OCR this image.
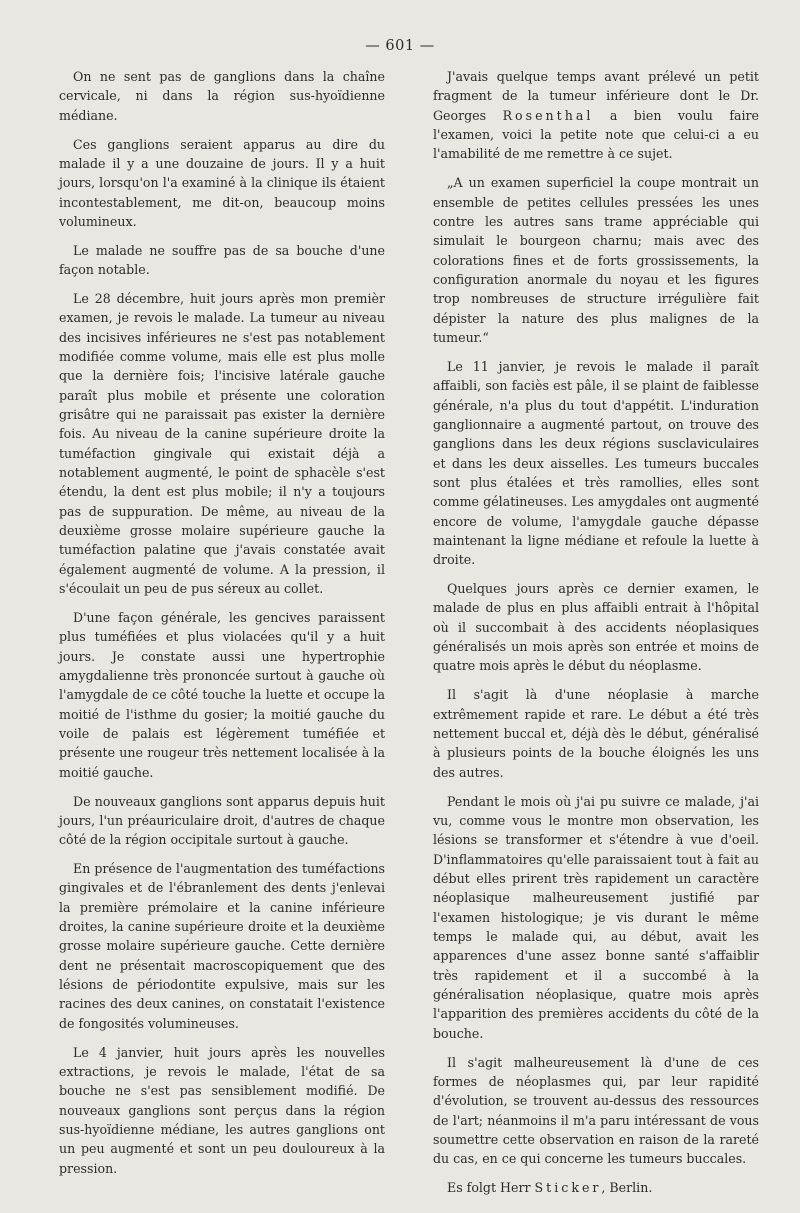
— 601 —

On ne sent pas de ganglions dans la chaîne cervicale, ni dans la région sus-hyoïdienne médiane.

Ces ganglions seraient apparus au dire du malade il y a une douzaine de jours. Il y a huit jours, lorsqu'on l'a examiné à la clinique ils étaient incontestablement, me dit-on, beaucoup moins volumineux.

Le malade ne souffre pas de sa bouche d'une façon notable.

Le 28 décembre, huit jours après mon premièr examen, je revois le malade. La tumeur au niveau des incisives inférieures ne s'est pas notablement modifiée comme volume, mais elle est plus molle que la dernière fois; l'incisive latérale gauche paraît plus mobile et présente une coloration grisâtre qui ne paraissait pas exister la dernière fois. Au niveau de la canine supérieure droite la tuméfaction gingivale qui existait déjà a notablement augmenté, le point de sphacèle s'est étendu, la dent est plus mobile; il n'y a toujours pas de suppuration. De même, au niveau de la deuxième grosse molaire supérieure gauche la tuméfaction palatine que j'avais constatée avait également augmenté de volume. A la pression, il s'écoulait un peu de pus séreux au collet.

D'une façon générale, les gencives paraissent plus tuméfiées et plus violacées qu'il y a huit jours. Je constate aussi une hypertrophie amygdalienne très prononcée surtout à gauche où l'amygdale de ce côté touche la luette et occupe la moitié de l'isthme du gosier; la moitié gauche du voile de palais est légèrement tuméfiée et présente une rougeur très nettement localisée à la moitié gauche.

De nouveaux ganglions sont apparus depuis huit jours, l'un préauriculaire droit, d'autres de chaque côté de la région occipitale surtout à gauche.

En présence de l'augmentation des tuméfactions gingivales et de l'ébranlement des dents j'enlevai la première prémolaire et la canine inférieure droites, la canine supérieure droite et la deuxième grosse molaire supérieure gauche. Cette dernière dent ne présentait macroscopiquement que des lésions de périodontite expulsive, mais sur les racines des deux canines, on constatait l'existence de fongosités volumineuses.

Le 4 janvier, huit jours après les nouvelles extractions, je revois le malade, l'état de sa bouche ne s'est pas sensiblement modifié. De nouveaux ganglions sont perçus dans la région sus-hyoïdienne médiane, les autres ganglions ont un peu augmenté et sont un peu douloureux à la pression.

J'avais quelque temps avant prélevé un petit fragment de la tumeur inférieure dont le Dr. Georges Rosenthal a bien voulu faire l'examen, voici la petite note que celui-ci a eu l'amabilité de me remettre à ce sujet.

„A un examen superficiel la coupe montrait un ensemble de petites cellules pressées les unes contre les autres sans trame appréciable qui simulait le bourgeon charnu; mais avec des colorations fines et de forts grossissements, la configuration anormale du noyau et les figures trop nombreuses de structure irrégulière fait dépister la nature des plus malignes de la tumeur.“

Le 11 janvier, je revois le malade il paraît affaibli, son faciès est pâle, il se plaint de faiblesse générale, n'a plus du tout d'appétit. L'induration ganglionnaire a augmenté partout, on trouve des ganglions dans les deux régions susclaviculaires et dans les deux aisselles. Les tumeurs buccales sont plus étalées et très ramollies, elles sont comme gélatineuses. Les amygdales ont augmenté encore de volume, l'amygdale gauche dépasse maintenant la ligne médiane et refoule la luette à droite.

Quelques jours après ce dernier examen, le malade de plus en plus affaibli entrait à l'hôpital où il succombait à des accidents néoplasiques généralisés un mois après son entrée et moins de quatre mois après le début du néoplasme.

Il s'agit là d'une néoplasie à marche extrêmement rapide et rare. Le début a été très nettement buccal et, déjà dès le début, généralisé à plusieurs points de la bouche éloignés les uns des autres.

Pendant le mois où j'ai pu suivre ce malade, j'ai vu, comme vous le montre mon observation, les lésions se transformer et s'étendre à vue d'oeil. D'inflammatoires qu'elle paraissaient tout à fait au début elles prirent très rapidement un caractère néoplasique malheureusement justifié par l'examen histologique; je vis durant le même temps le malade qui, au début, avait les apparences d'une assez bonne santé s'affaiblir très rapidement et il a succombé à la généralisation néoplasique, quatre mois après l'apparition des premières accidents du côté de la bouche.

Il s'agit malheureusement là d'une de ces formes de néoplasmes qui, par leur rapidité d'évolution, se trouvent au-dessus des ressources de l'art; néanmoins il m'a paru intéressant de vous soumettre cette observation en raison de la rareté du cas, en ce qui concerne les tumeurs buccales.

Es folgt Herr Sticker, Berlin.
